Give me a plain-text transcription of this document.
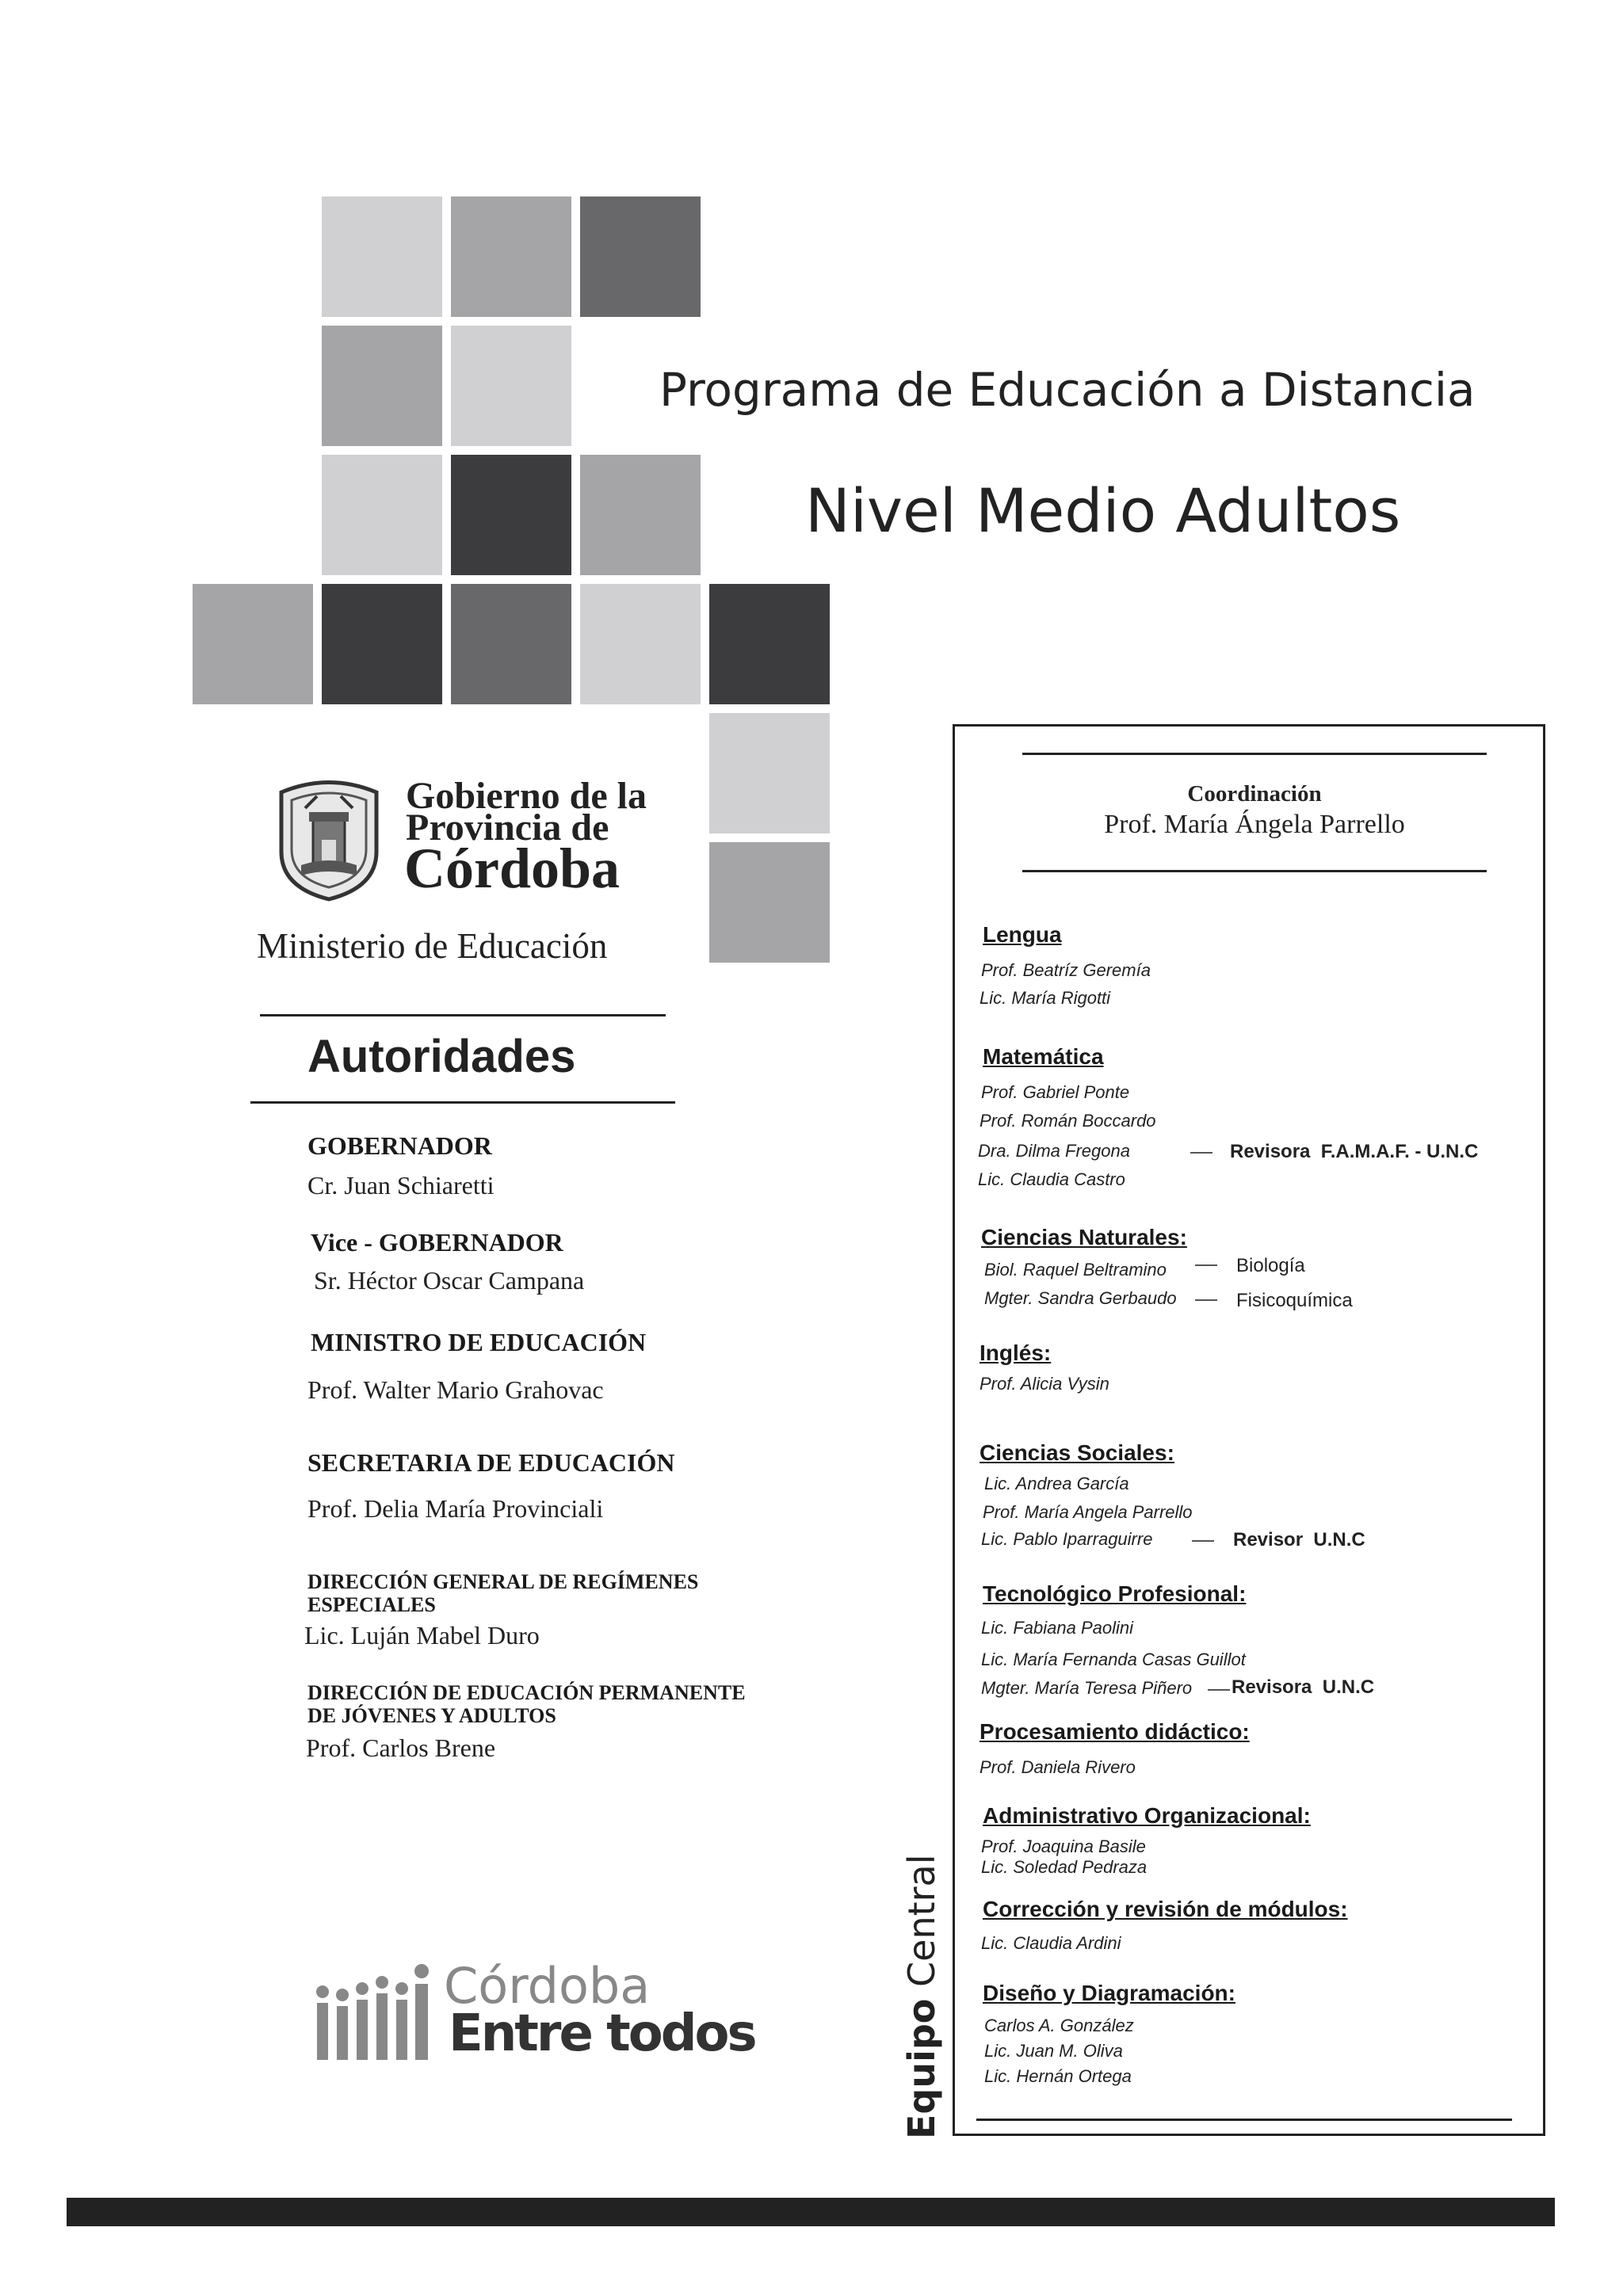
Programa de Educación a Distancia
Nivel Medio Adultos
Gobierno de la
Provincia de
Córdoba
Ministerio de Educación
Autoridades
GOBERNADOR
Cr. Juan Schiaretti
Vice - GOBERNADOR
Sr. Héctor Oscar Campana
MINISTRO DE EDUCACIÓN
Prof. Walter Mario Grahovac
SECRETARIA DE EDUCACIÓN
Prof. Delia María Provinciali
DIRECCIÓN GENERAL DE REGÍMENES
ESPECIALES
Lic. Luján Mabel Duro
DIRECCIÓN DE EDUCACIÓN PERMANENTE
DE JÓVENES Y ADULTOS
Prof. Carlos Brene
Córdoba
Entre todos	Equipo Central
Coordinación
Prof. María Ángela Parrello
Lengua
Prof. Beatríz Geremía
Lic. María Rigotti
Matemática
Prof. Gabriel Ponte
Prof. Román Boccardo
Dra. Dilma Fregona	Revisora F.A.M.A.F. - U.N.C
Lic. Claudia Castro
Ciencias Naturales:
Biol. Raquel Beltramino	Biología
Mgter. Sandra Gerbaudo	Fisicoquímica
Inglés:
Prof. Alicia Vysin
Ciencias Sociales:
Lic. Andrea García
Prof. María Angela Parrello
Lic. Pablo Iparraguirre	Revisor U.N.C
Tecnológico Profesional:
Lic. Fabiana Paolini
Lic. María Fernanda Casas Guillot
Mgter. María Teresa Piñero Revisora U.N.C
Procesamiento didáctico:
Prof. Daniela Rivero
Administrativo Organizacional:
Prof. Joaquina Basile
Lic. Soledad Pedraza
Corrección y revisión de módulos:
Lic. Claudia Ardini
Diseño y Diagramación:
Carlos A. González
Lic. Juan M. Oliva
Lic. Hernán Ortega
